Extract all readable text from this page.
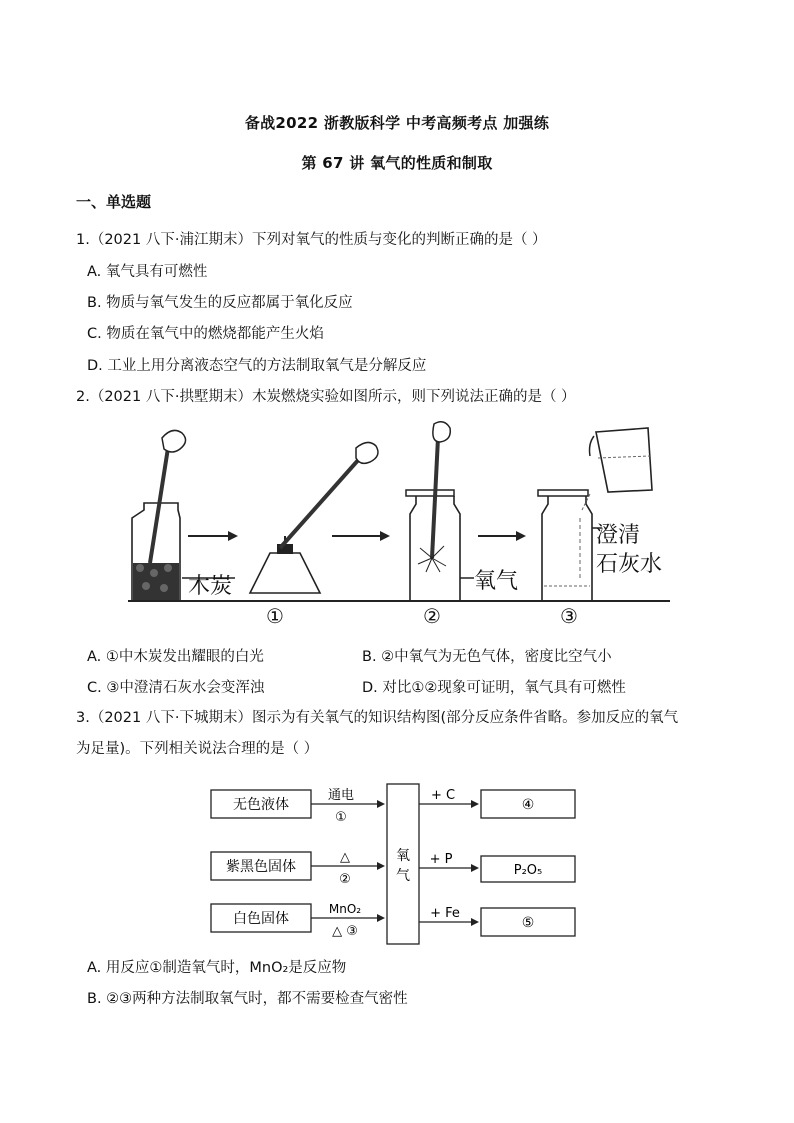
备战2022 浙教版科学 中考高频考点 加强练
第 67 讲 氧气的性质和制取
一、单选题
1.（2021 八下·浦江期末）下列对氧气的性质与变化的判断正确的是（ ）
A. 氧气具有可燃性
B. 物质与氧气发生的反应都属于氧化反应
C. 物质在氧气中的燃烧都能产生火焰
D. 工业上用分离液态空气的方法制取氧气是分解反应
2.（2021 八下·拱墅期末）木炭燃烧实验如图所示，则下列说法正确的是（ ）
木炭
①
氧气
②
澄清
石灰水
③
A. ①中木炭发出耀眼的白光	B. ②中氧气为无色气体，密度比空气小
C. ③中澄清石灰水会变浑浊	D. 对比①②现象可证明，氧气具有可燃性
3.（2021 八下·下城期末）图示为有关氧气的知识结构图(部分反应条件省略。参加反应的氧气
为足量)。下列相关说法合理的是（ ）
无色液体
紫黑色固体
白色固体
通电
①
△
②
MnO₂
△ ③
氧
气
+ C
+ P
+ Fe
④
P₂O₅
⑤
A. 用反应①制造氧气时，MnO₂是反应物
B. ②③两种方法制取氧气时，都不需要检查气密性
